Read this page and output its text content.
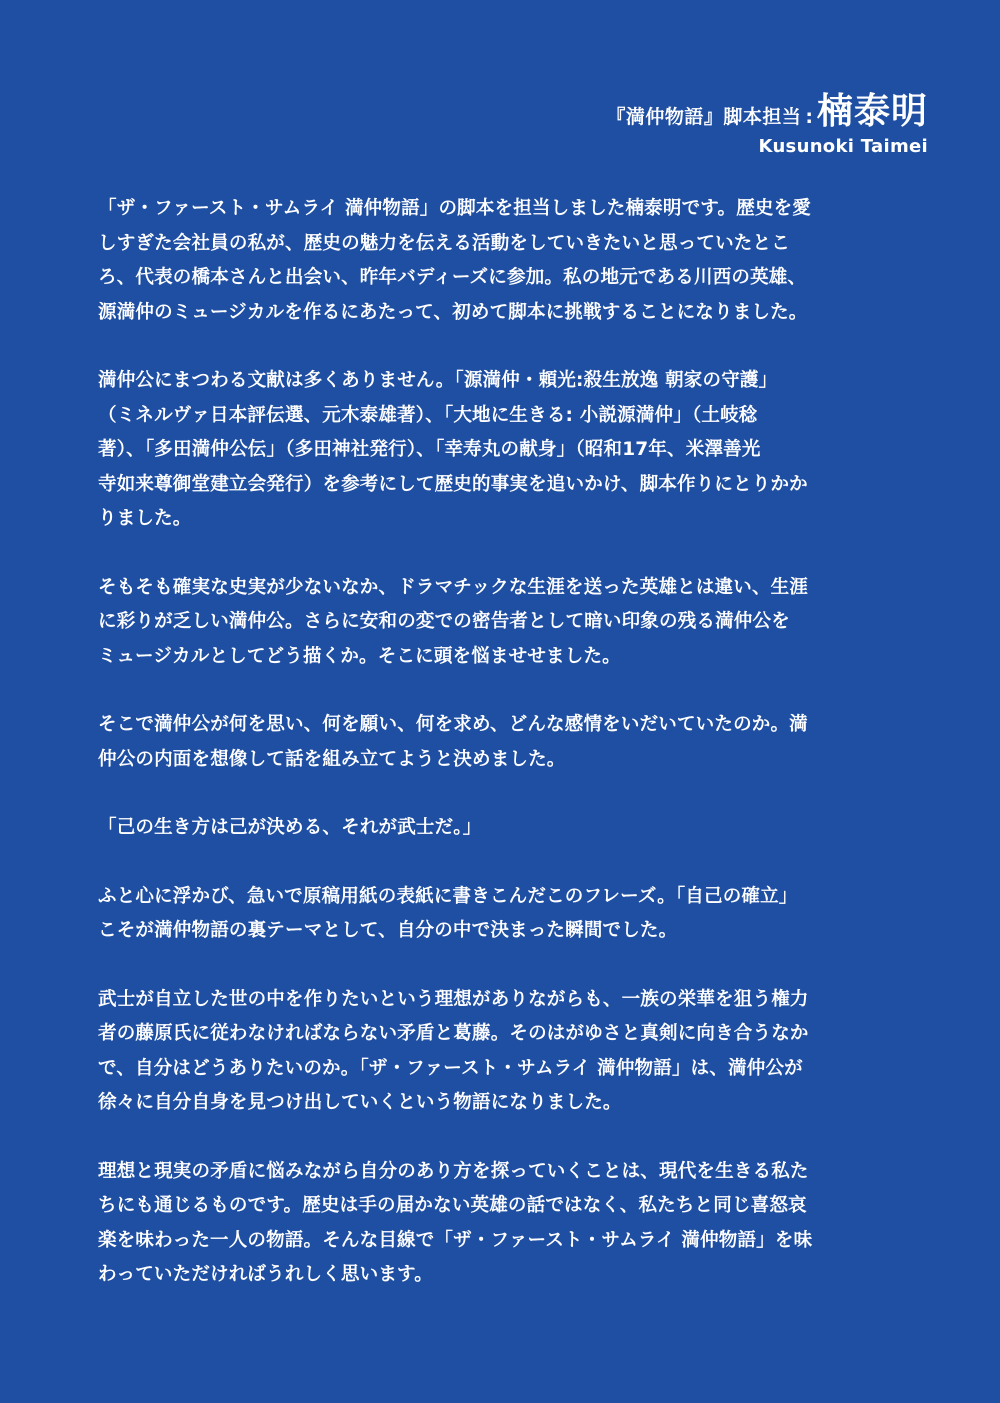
『満仲物語』脚本担当 : 楠泰明
Kusunoki Taimei

「ザ・ファースト・サムライ 満仲物語」の脚本を担当しました楠泰明です。歴史を愛
しすぎた会社員の私が、歴史の魅力を伝える活動をしていきたいと思っていたとこ
ろ、代表の橋本さんと出会い、昨年バディーズに参加。私の地元である川西の英雄、
源満仲のミュージカルを作るにあたって、初めて脚本に挑戦することになりました。

満仲公にまつわる文献は多くありません。「源満仲・頼光:殺生放逸 朝家の守護」
（ミネルヴァ日本評伝選、元木泰雄著）、「大地に生きる: 小説源満仲」（土岐稔
著）、「多田満仲公伝」（多田神社発行）、「幸寿丸の献身」（昭和17年、米澤善光
寺如来尊御堂建立会発行）を参考にして歴史的事実を追いかけ、脚本作りにとりかか
りました。

そもそも確実な史実が少ないなか、ドラマチックな生涯を送った英雄とは違い、生涯
に彩りが乏しい満仲公。さらに安和の変での密告者として暗い印象の残る満仲公を
ミュージカルとしてどう描くか。そこに頭を悩ませせました。

そこで満仲公が何を思い、何を願い、何を求め、どんな感情をいだいていたのか。満
仲公の内面を想像して話を組み立てようと決めました。

「己の生き方は己が決める、それが武士だ。」

ふと心に浮かび、急いで原稿用紙の表紙に書きこんだこのフレーズ。「自己の確立」
こそが満仲物語の裏テーマとして、自分の中で決まった瞬間でした。

武士が自立した世の中を作りたいという理想がありながらも、一族の栄華を狙う権力
者の藤原氏に従わなければならない矛盾と葛藤。そのはがゆさと真剣に向き合うなか
で、自分はどうありたいのか。「ザ・ファースト・サムライ 満仲物語」は、満仲公が
徐々に自分自身を見つけ出していくという物語になりました。

理想と現実の矛盾に悩みながら自分のあり方を探っていくことは、現代を生きる私た
ちにも通じるものです。歴史は手の届かない英雄の話ではなく、私たちと同じ喜怒哀
楽を味わった一人の物語。そんな目線で「ザ・ファースト・サムライ 満仲物語」を味
わっていただければうれしく思います。
